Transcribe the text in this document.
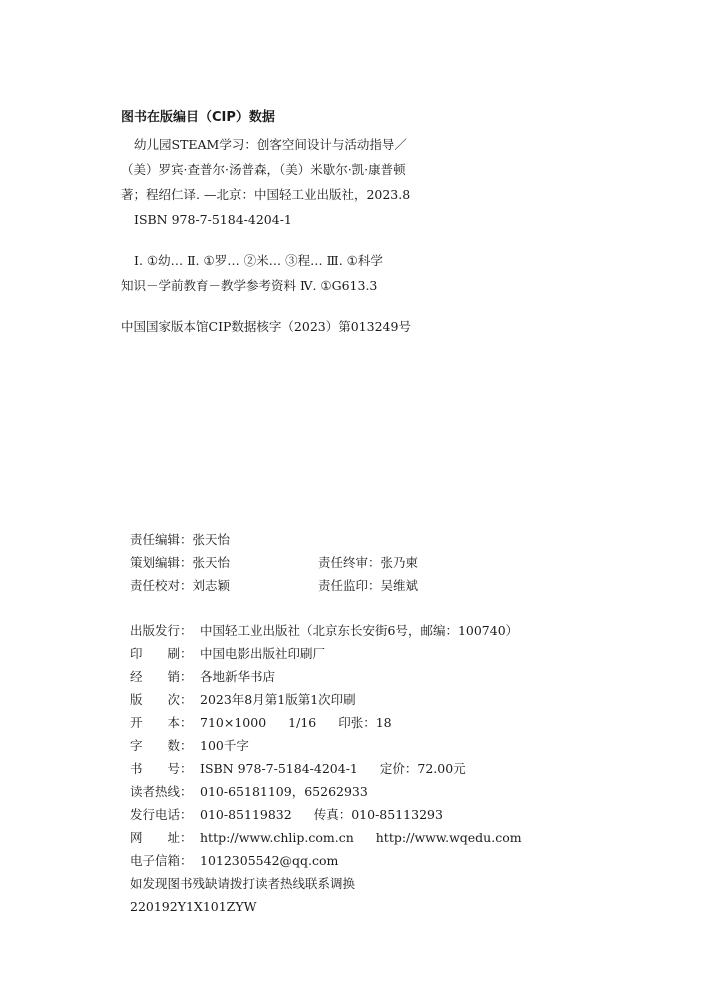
图书在版编目（CIP）数据
幼儿园STEAM学习：创客空间设计与活动指导／
（美）罗宾·查普尔·汤普森，（美）米歇尔·凯·康普顿
著；程绍仁译. —北京：中国轻工业出版社，2023.8
ISBN 978-7-5184-4204-1
Ⅰ. ①幼… Ⅱ. ①罗… ②米… ③程… Ⅲ. ①科学
知识－学前教育－教学参考资料 Ⅳ. ①G613.3
中国国家版本馆CIP数据核字（2023）第013249号
责任编辑：张天怡
策划编辑：张天怡	责任终审：张乃柬
责任校对：刘志颖	责任监印：吴维斌
出版发行： 中国轻工业出版社（北京东长安街6号，邮编：100740）
印　　刷： 中国电影出版社印刷厂
经　　销： 各地新华书店
版　　次： 2023年8月第1版第1次印刷
开　　本： 710×1000 1/16 印张：18
字　　数： 100千字
书　　号： ISBN 978-7-5184-4204-1 定价：72.00元
读者热线： 010-65181109，65262933
发行电话： 010-85119832 传真：010-85113293
网　　址： http://www.chlip.com.cn http://www.wqedu.com
电子信箱： 1012305542@qq.com
如发现图书残缺请拨打读者热线联系调换
220192Y1X101ZYW
